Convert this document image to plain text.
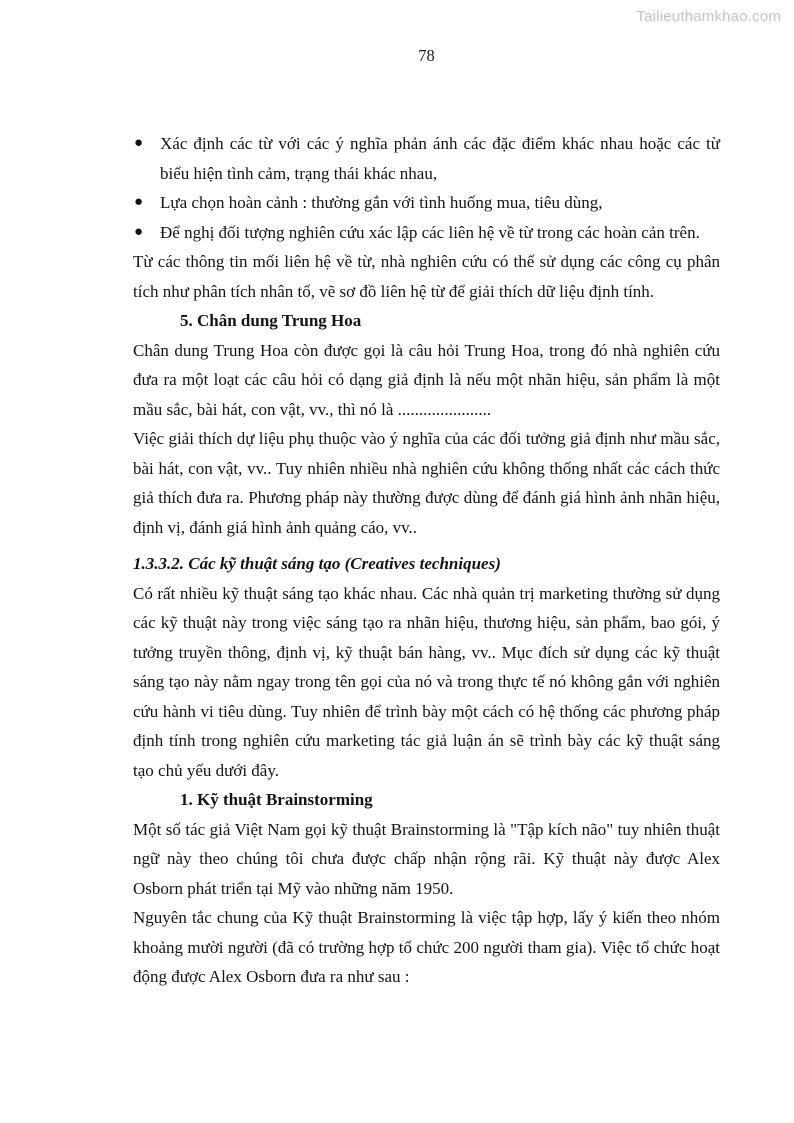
Tailieuthamkhao.com
78
● Xác định các từ với các ý nghĩa phản ánh các đặc điểm khác nhau hoặc các từ biểu hiện tình cảm, trạng thái khác nhau,
● Lựa chọn hoàn cảnh : thường gắn với tình huống mua, tiêu dùng,
● Để nghị đối tượng nghiên cứu xác lập các liên hệ về từ trong các hoàn cản trên.
Từ các thông tin mối liên hệ về từ, nhà nghiên cứu có thể sử dụng các công cụ phân tích như phân tích nhân tố, vẽ sơ đồ liên hệ từ để giải thích dữ liệu định tính.
5. Chân dung Trung Hoa
Chân dung Trung Hoa còn được gọi là câu hỏi Trung Hoa, trong đó nhà nghiên cứu đưa ra một loạt các câu hỏi có dạng giả định là nếu một nhãn hiệu, sản phẩm là một mầu sắc, bài hát, con vật, vv., thì nó là ......................
Việc giải thích dự liệu phụ thuộc vào ý nghĩa của các đối tưởng giả định như mầu sắc, bài hát, con vật, vv.. Tuy nhiên nhiều nhà nghiên cứu không thống nhất các cách thức giả thích đưa ra. Phương pháp này thường được dùng để đánh giá hình ảnh nhãn hiệu, định vị, đánh giá hình ảnh quảng cáo, vv..
1.3.3.2. Các kỹ thuật sáng tạo (Creatives techniques)
Có rất nhiều kỹ thuật sáng tạo khác nhau. Các nhà quản trị marketing thường sử dụng các kỹ thuật này trong việc sáng tạo ra nhãn hiệu, thương hiệu, sản phẩm, bao gói, ý tưởng truyền thông, định vị, kỹ thuật bán hàng, vv.. Mục đích sử dụng các kỹ thuật sáng tạo này nằm ngay trong tên gọi của nó và trong thực tế nó không gắn với nghiên cứu hành vi tiêu dùng. Tuy nhiên để trình bày một cách có hệ thống các phương pháp định tính trong nghiên cứu marketing tác giả luận án sẽ trình bày các kỹ thuật sáng tạo chủ yếu dưới đây.
1. Kỹ thuật Brainstorming
Một số tác giả Việt Nam gọi kỹ thuật Brainstorming là "Tập kích não" tuy nhiên thuật ngữ này theo chúng tôi chưa được chấp nhận rộng rãi. Kỹ thuật này được Alex Osborn phát triển tại Mỹ vào những năm 1950.
Nguyên tắc chung của Kỹ thuật Brainstorming là việc tập hợp, lấy ý kiến theo nhóm khoảng mười người (đã có trường hợp tổ chức 200 người tham gia). Việc tổ chức hoạt động được Alex Osborn đưa ra như sau :
